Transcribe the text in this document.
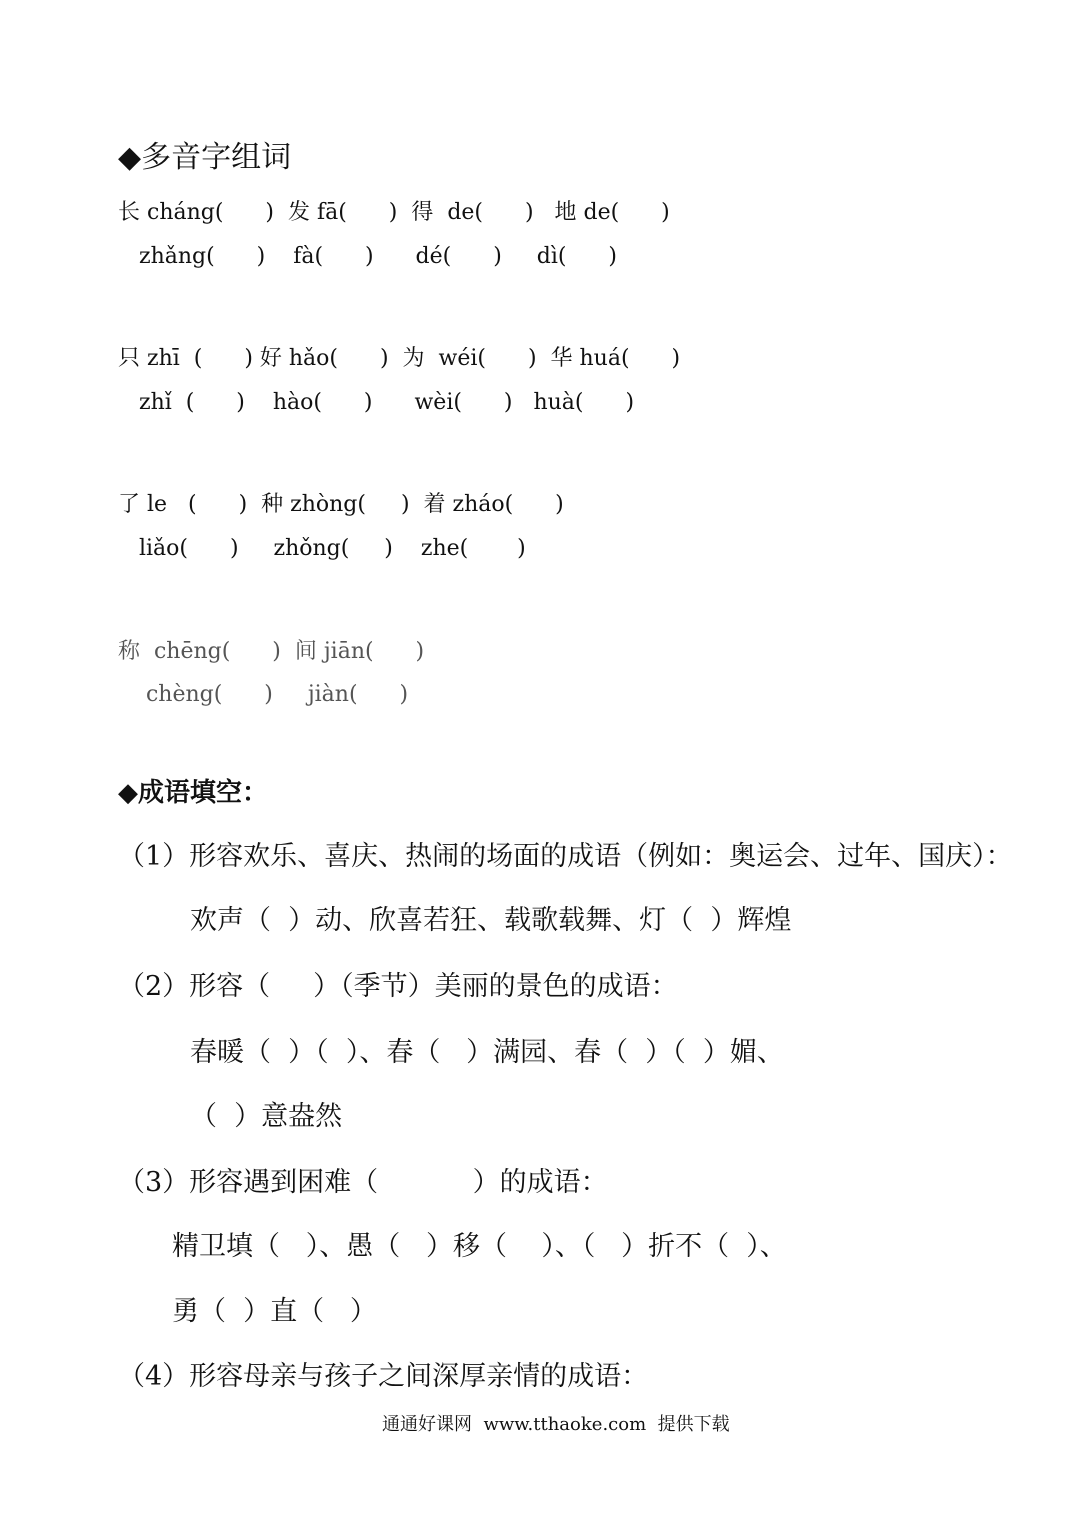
◆多音字组词
长 cháng(      )  发 fā(      )  得  de(      )   地 de(      )
zhǎng(      )    fà(      )      dé(      )     dì(      )
只 zhī  (      ) 好 hǎo(      )  为  wéi(      )  华 huá(      )
zhǐ  (      )    hào(      )      wèi(      )   huà(      )
了 le   (      )  种 zhòng(     )  着 zháo(      )
liǎo(      )     zhǒng(     )    zhe(       )
称  chēng(      )  间 jiān(      )
chèng(      )     jiàn(      )
◆成语填空：
（1）形容欢乐、喜庆、热闹的场面的成语（例如：奥运会、过年、国庆）：
欢声（  ）动、欣喜若狂、载歌载舞、灯（  ）辉煌
（2）形容（     ）（季节）美丽的景色的成语：
春暖（  ）（  ）、春（   ）满园、春（  ）（  ）媚、
（  ）意盎然
（3）形容遇到困难（           ）的成语：
精卫填（   ）、愚（   ）移（    ）、（   ）折不（  ）、
勇（  ）直（   ）
（4）形容母亲与孩子之间深厚亲情的成语：
通通好课网  www.tthaoke.com  提供下载
